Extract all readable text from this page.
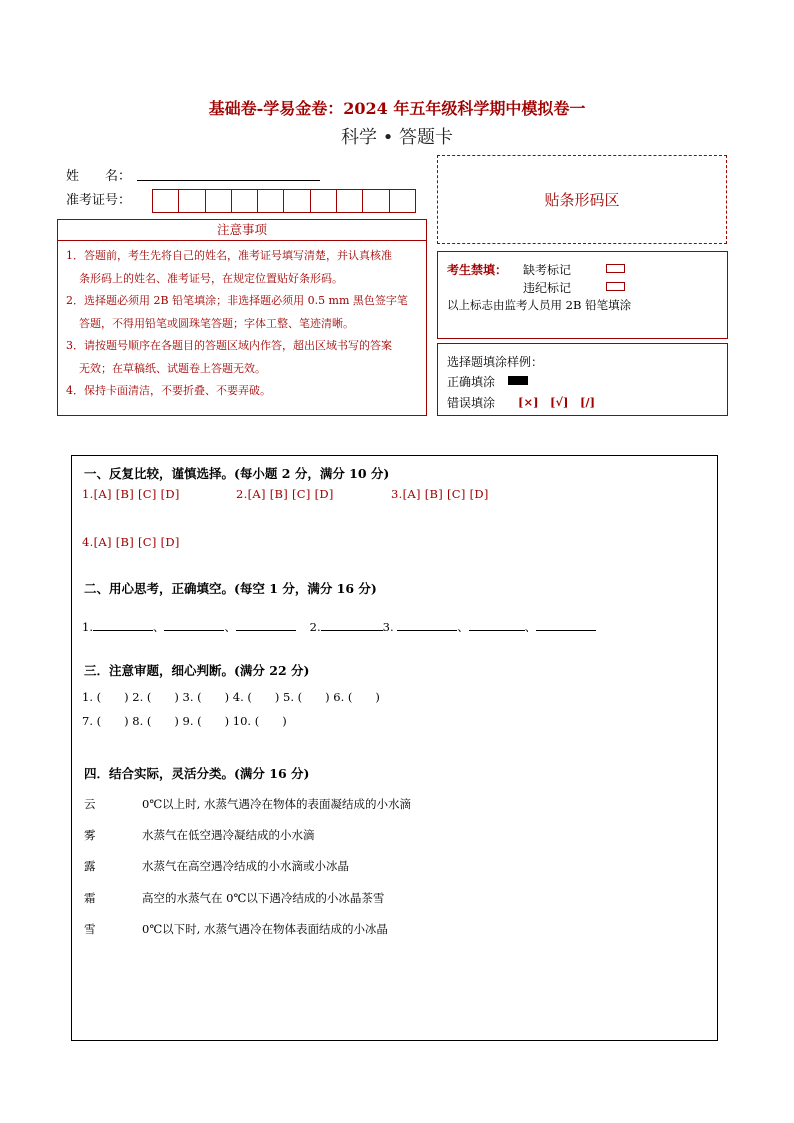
基础卷-学易金卷：2024 年五年级科学期中模拟卷一
科学 • 答题卡
姓　　名：
准考证号：	贴条形码区
注意事项

1．答题前，考生先将自己的姓名，准考证号填写清楚，并认真核准

条形码上的姓名、准考证号，在规定位置贴好条形码。

2．选择题必须用 2B 铅笔填涂；非选择题必须用 0.5 mm 黑色签字笔

答题，不得用铅笔或圆珠笔答题；字体工整、笔迹清晰。

3．请按题号顺序在各题目的答题区域内作答，超出区域书写的答案

无效；在草稿纸、试题卷上答题无效。

4．保持卡面清洁，不要折叠、不要弄破。

考生禁填： 缺考标记
违纪标记
以上标志由监考人员用 2B 铅笔填涂
选择题填涂样例：
正确填涂
错误填涂 [×]　[√]　[/]
一、反复比较，谨慎选择。(每小题 2 分，满分 10 分)
1.[A] [B] [C] [D]	2.[A] [B] [C] [D]	3.[A] [B] [C] [D]
4.[A] [B] [C] [D]
二、用心思考，正确填空。(每空 1 分，满分 16 分)
1.	、	、	2.	3.	、	、
三．注意审题，细心判断。(满分 22 分)
1. (　　) 2. (　　) 3. (　　) 4. (　　) 5. (　　) 6. (　　)
7. (　　) 8. (　　) 9. (　　) 10. (　　)
四．结合实际，灵活分类。(满分 16 分)
云	0℃以上时, 水蒸气遇冷在物体的表面凝结成的小水滴
雾	水蒸气在低空遇冷凝结成的小水滴
露	水蒸气在高空遇冷结成的小水滴或小冰晶
霜	高空的水蒸气在 0℃以下遇冷结成的小冰晶茶雪
雪	0℃以下时, 水蒸气遇冷在物体表面结成的小冰晶
